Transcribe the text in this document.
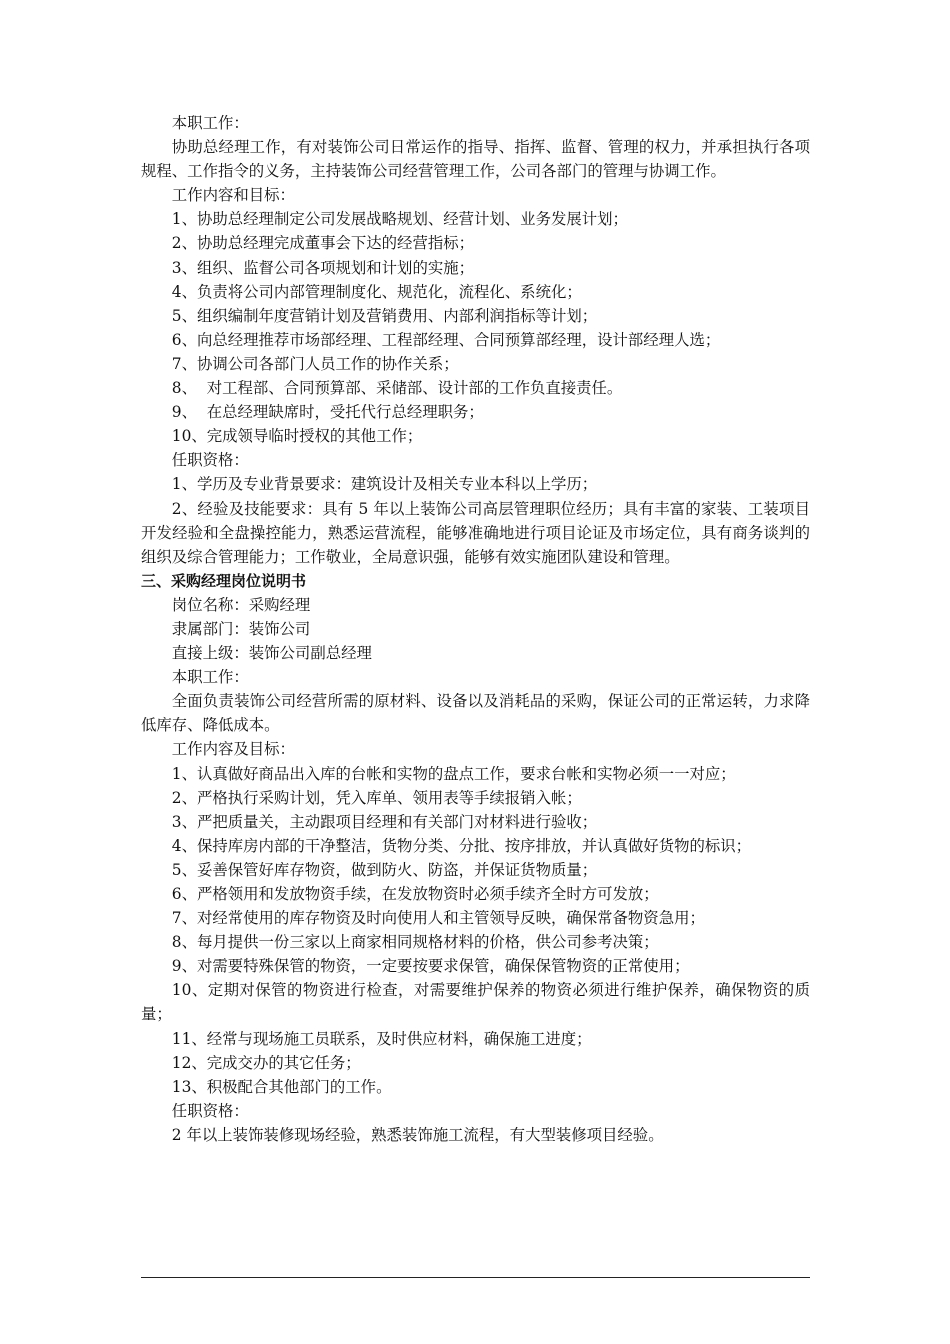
本职工作：

协助总经理工作，有对装饰公司日常运作的指导、指挥、监督、管理的权力，并承担执行各项规程、工作指令的义务，主持装饰公司经营管理工作，公司各部门的管理与协调工作。

工作内容和目标：

1、协助总经理制定公司发展战略规划、经营计划、业务发展计划；

2、协助总经理完成董事会下达的经营指标；

3、组织、监督公司各项规划和计划的实施；

4、负责将公司内部管理制度化、规范化，流程化、系统化；

5、组织编制年度营销计划及营销费用、内部利润指标等计划；

6、向总经理推荐市场部经理、工程部经理、合同预算部经理，设计部经理人选；

7、协调公司各部门人员工作的协作关系；

8、  对工程部、合同预算部、采储部、设计部的工作负直接责任。

9、  在总经理缺席时，受托代行总经理职务；

10、完成领导临时授权的其他工作；

任职资格：

1、学历及专业背景要求：建筑设计及相关专业本科以上学历；

2、经验及技能要求：具有 5 年以上装饰公司高层管理职位经历；具有丰富的家装、工装项目开发经验和全盘操控能力，熟悉运营流程，能够准确地进行项目论证及市场定位，具有商务谈判的组织及综合管理能力；工作敬业，全局意识强，能够有效实施团队建设和管理。

三、采购经理岗位说明书

岗位名称：采购经理

隶属部门：装饰公司

直接上级：装饰公司副总经理

本职工作：

全面负责装饰公司经营所需的原材料、设备以及消耗品的采购，保证公司的正常运转，力求降低库存、降低成本。

工作内容及目标：

1、认真做好商品出入库的台帐和实物的盘点工作，要求台帐和实物必须一一对应；

2、严格执行采购计划，凭入库单、领用表等手续报销入帐；

3、严把质量关，主动跟项目经理和有关部门对材料进行验收；

4、保持库房内部的干净整洁，货物分类、分批、按序排放，并认真做好货物的标识；

5、妥善保管好库存物资，做到防火、防盗，并保证货物质量；

6、严格领用和发放物资手续，在发放物资时必须手续齐全时方可发放；

7、对经常使用的库存物资及时向使用人和主管领导反映，确保常备物资急用；

8、每月提供一份三家以上商家相同规格材料的价格，供公司参考决策；

9、对需要特殊保管的物资，一定要按要求保管，确保保管物资的正常使用；

10、定期对保管的物资进行检查，对需要维护保养的物资必须进行维护保养，确保物资的质量；

11、经常与现场施工员联系，及时供应材料，确保施工进度；

12、完成交办的其它任务；

13、积极配合其他部门的工作。

任职资格：

2 年以上装饰装修现场经验，熟悉装饰施工流程，有大型装修项目经验。
